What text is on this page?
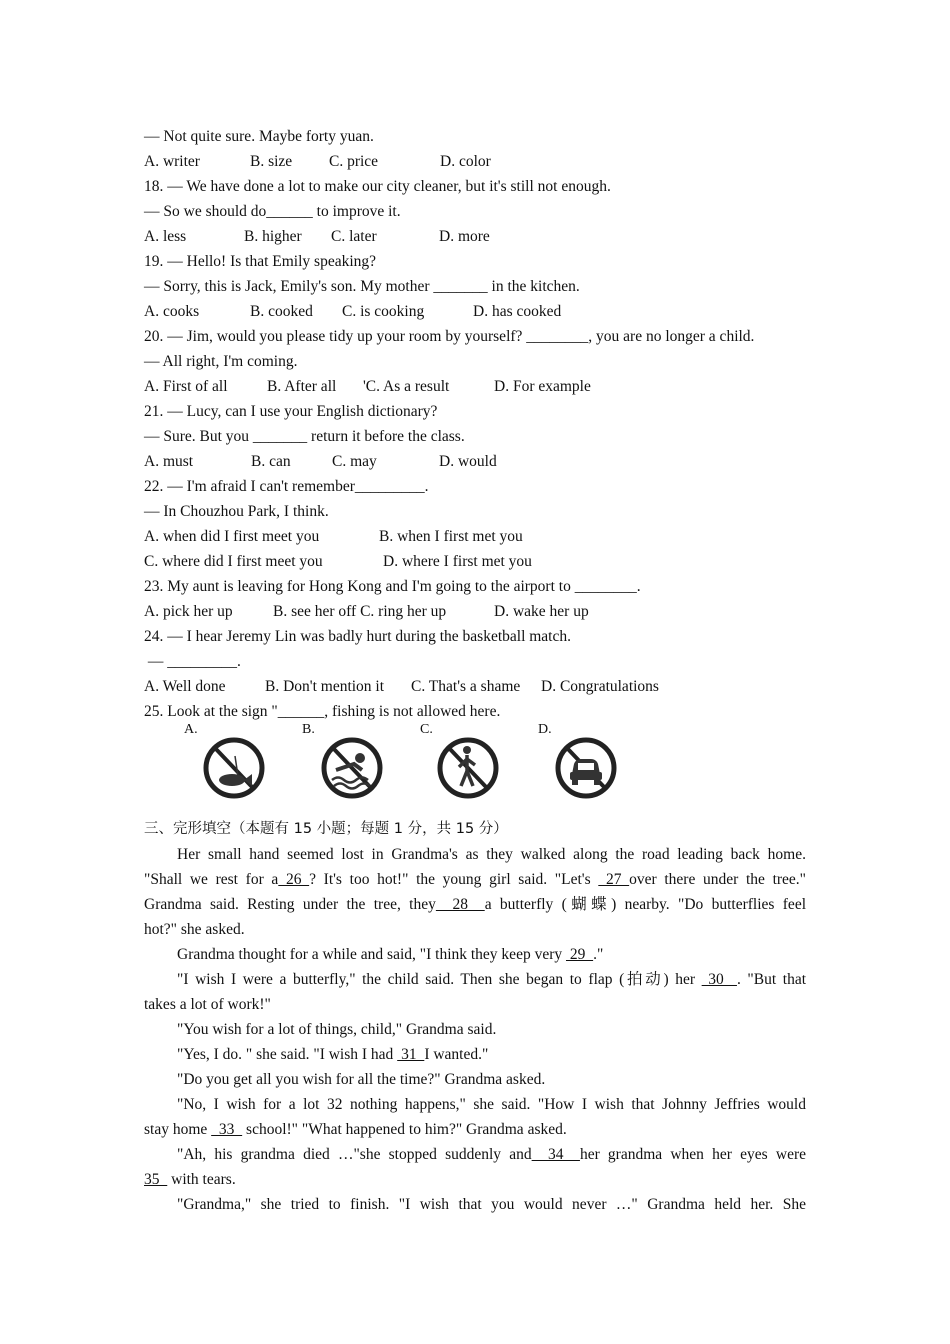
— Not quite sure. Maybe forty yuan.
A. writer	B. size C. price	D. color
18. — We have done a lot to make our city cleaner, but it's still not enough.
— So we should do______ to improve it.
A. less	B. higher C. later	D. more
19. — Hello! Is that Emily speaking?
— Sorry, this is Jack, Emily's son. My mother _______ in the kitchen.
A. cooks	B. cooked C. is cooking	D. has cooked
20. — Jim, would you please tidy up your room by yourself? ________, you are no longer a child.
— All right, I'm coming.
A. First of all	B. After all 'C. As a result	D. For example
21. — Lucy, can I use your English dictionary?
— Sure. But you _______ return it before the class.
A. must	B. can	C. may	D. would
22. — I'm afraid I can't remember_________.
— In Chouzhou Park, I think.
A. when did I first meet you	B. when I first met you
C. where did I first meet you	D. where I first met you
23. My aunt is leaving for Hong Kong and I'm going to the airport to ________.
A. pick her up	B. see her off C. ring her up	D. wake her up
24. — I hear Jeremy Lin was badly hurt during the basketball match.
— _________.
A. Well done	B. Don't mention it C. That's a shame D. Congratulations
25. Look at the sign "______, fishing is not allowed here.
A.	B.	C.	D.
三、完形填空（本题有 15 小题；每题 1 分，共 15 分）
Her small hand seemed lost in Grandma's as they walked along the road leading back home.
"Shall we rest for a 26 ? It's too hot!" the young girl said. "Let's  27 over there under the tree."
Grandma said. Resting under the tree, they  28  a butterfly (蝴蝶) nearby. "Do butterflies feel
hot?" she asked.
Grandma thought for a while and said, "I think they keep very  29  ."
"I wish I were a butterfly," the child said. Then she began to flap (拍动) her  30  . "But that
takes a lot of work!"
"You wish for a lot of things, child," Grandma said.
"Yes, I do. " she said. "I wish I had  31  I wanted."
"Do you get all you wish for all the time?" Grandma asked.
"No, I wish for a lot 32 nothing happens," she said. "How I wish that Johnny Jeffries would
stay home   33   school!" "What happened to him?" Grandma asked.
"Ah, his grandma died …"she stopped suddenly and  34  her grandma when her eyes were
35   with tears.
"Grandma," she tried to finish. "I wish that you would never …" Grandma held her. She
